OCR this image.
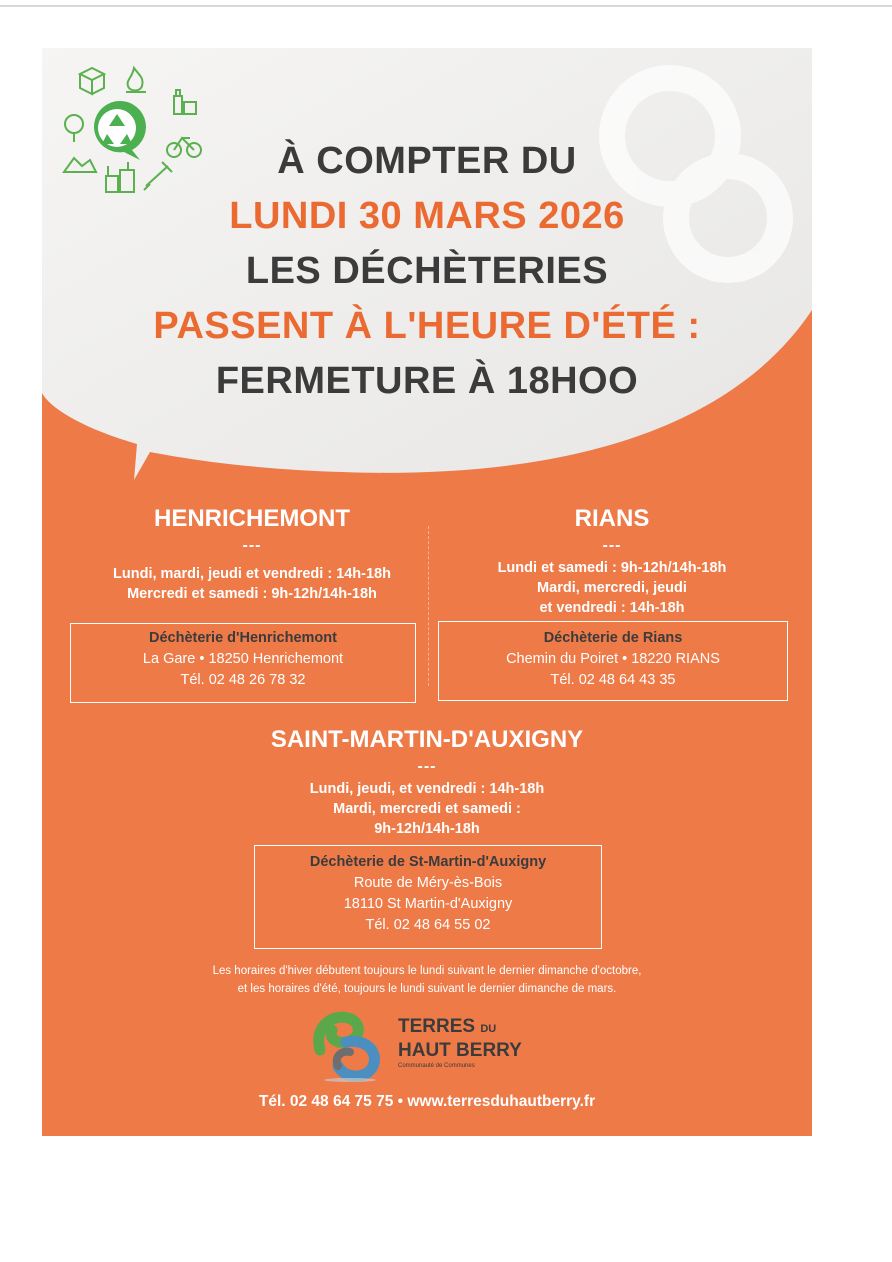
À COMPTER DU
LUNDI 30 MARS 2026
LES DÉCHÈTERIES
PASSENT À L'HEURE D'ÉTÉ :
FERMETURE À 18HOO
HENRICHEMONT
---
Lundi, mardi, jeudi et vendredi : 14h-18h
Mercredi et samedi : 9h-12h/14h-18h
Déchèterie d'Henrichemont
La Gare • 18250 Henrichemont
Tél. 02 48 26 78 32
RIANS
---
Lundi et samedi : 9h-12h/14h-18h
Mardi, mercredi, jeudi
et vendredi : 14h-18h
Déchèterie de Rians
Chemin du Poiret • 18220 RIANS
Tél. 02 48 64 43 35
SAINT-MARTIN-D'AUXIGNY
---
Lundi, jeudi, et vendredi : 14h-18h
Mardi, mercredi et samedi :
9h-12h/14h-18h
Déchèterie de St-Martin-d'Auxigny
Route de Méry-ès-Bois
18110 St Martin-d'Auxigny
Tél. 02 48 64 55 02
Les horaires d'hiver débutent toujours le lundi suivant le dernier dimanche d'octobre,
et les horaires d'été, toujours le lundi suivant le dernier dimanche de mars.
TERRES DU
HAUT BERRY
Communauté de Communes
Tél. 02 48 64 75 75 • www.terresduhautberry.fr
